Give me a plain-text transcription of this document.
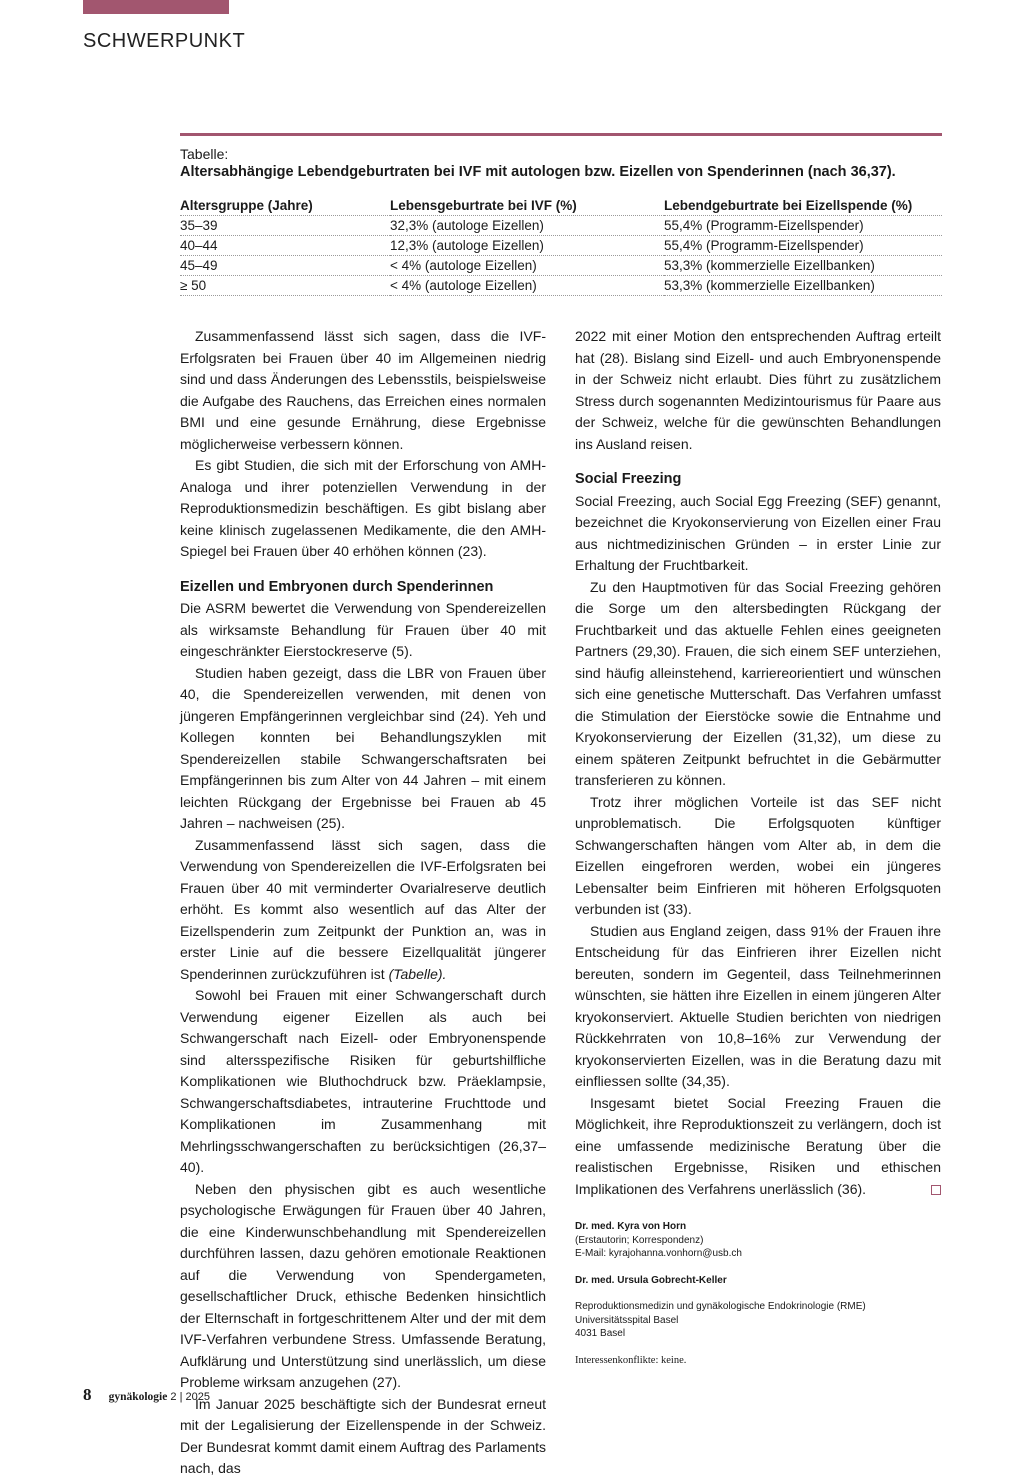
SCHWERPUNKT
Tabelle:
Altersabhängige Lebendgeburtraten bei IVF mit autologen bzw. Eizellen von Spenderinnen (nach 36,37).
Altersgruppe (Jahre)	Lebensgeburtrate bei IVF (%)	Lebendgeburtrate bei Eizellspende (%)
35–39	32,3% (autologe Eizellen)	55,4% (Programm-Eizellspender)
40–44	12,3% (autologe Eizellen)	55,4% (Programm-Eizellspender)
45–49	< 4% (autologe Eizellen)	53,3% (kommerzielle Eizellbanken)
≥ 50	< 4% (autologe Eizellen)	53,3% (kommerzielle Eizellbanken)

Zusammenfassend lässt sich sagen, dass die IVF-Erfolgsraten bei Frauen über 40 im Allgemeinen niedrig sind und dass Änderungen des Lebensstils, beispielsweise die Aufgabe des Rauchens, das Erreichen eines normalen BMI und eine gesunde Ernährung, diese Ergebnisse möglicherweise verbessern können.

Es gibt Studien, die sich mit der Erforschung von AMH-Analoga und ihrer potenziellen Verwendung in der Reproduktionsmedizin beschäftigen. Es gibt bislang aber keine klinisch zugelassenen Medikamente, die den AMH-Spiegel bei Frauen über 40 erhöhen können (23).

Eizellen und Embryonen durch Spenderinnen

Die ASRM bewertet die Verwendung von Spendereizellen als wirksamste Behandlung für Frauen über 40 mit eingeschränkter Eierstockreserve (5).

Studien haben gezeigt, dass die LBR von Frauen über 40, die Spendereizellen verwenden, mit denen von jüngeren Empfängerinnen vergleichbar sind (24). Yeh und Kollegen konnten bei Behandlungszyklen mit Spendereizellen stabile Schwangerschaftsraten bei Empfängerinnen bis zum Alter von 44 Jahren – mit einem leichten Rückgang der Ergebnisse bei Frauen ab 45 Jahren – nachweisen (25).

Zusammenfassend lässt sich sagen, dass die Verwendung von Spendereizellen die IVF-Erfolgsraten bei Frauen über 40 mit verminderter Ovarialreserve deutlich erhöht. Es kommt also wesentlich auf das Alter der Eizellspenderin zum Zeitpunkt der Punktion an, was in erster Linie auf die bessere Eizellqualität jüngerer Spenderinnen zurückzuführen ist (Tabelle).

Sowohl bei Frauen mit einer Schwangerschaft durch Verwendung eigener Eizellen als auch bei Schwangerschaft nach Eizell- oder Embryonenspende sind altersspezifische Risiken für geburtshilfliche Komplikationen wie Bluthochdruck bzw. Präeklampsie, Schwangerschaftsdiabetes, intrauterine Fruchttode und Komplikationen im Zusammenhang mit Mehrlingsschwangerschaften zu berücksichtigen (26,37–40).

Neben den physischen gibt es auch wesentliche psychologische Erwägungen für Frauen über 40 Jahren, die eine Kinderwunschbehandlung mit Spendereizellen durchführen lassen, dazu gehören emotionale Reaktionen auf die Verwendung von Spendergameten, gesellschaftlicher Druck, ethische Bedenken hinsichtlich der Elternschaft in fortgeschrittenem Alter und der mit dem IVF-Verfahren verbundene Stress. Umfassende Beratung, Aufklärung und Unterstützung sind unerlässlich, um diese Probleme wirksam anzugehen (27).

Im Januar 2025 beschäftigte sich der Bundesrat erneut mit der Legalisierung der Eizellenspende in der Schweiz. Der Bundesrat kommt damit einem Auftrag des Parlaments nach, das

2022 mit einer Motion den entsprechenden Auftrag erteilt hat (28). Bislang sind Eizell- und auch Embryonenspende in der Schweiz nicht erlaubt. Dies führt zu zusätzlichem Stress durch sogenannten Medizintourismus für Paare aus der Schweiz, welche für die gewünschten Behandlungen ins Ausland reisen.

Social Freezing

Social Freezing, auch Social Egg Freezing (SEF) genannt, bezeichnet die Kryokonservierung von Eizellen einer Frau aus nichtmedizinischen Gründen – in erster Linie zur Erhaltung der Fruchtbarkeit.

Zu den Hauptmotiven für das Social Freezing gehören die Sorge um den altersbedingten Rückgang der Fruchtbarkeit und das aktuelle Fehlen eines geeigneten Partners (29,30). Frauen, die sich einem SEF unterziehen, sind häufig alleinstehend, karriereorientiert und wünschen sich eine genetische Mutterschaft. Das Verfahren umfasst die Stimulation der Eierstöcke sowie die Entnahme und Kryokonservierung der Eizellen (31,32), um diese zu einem späteren Zeitpunkt befruchtet in die Gebärmutter transferieren zu können.

Trotz ihrer möglichen Vorteile ist das SEF nicht unproblematisch. Die Erfolgsquoten künftiger Schwangerschaften hängen vom Alter ab, in dem die Eizellen eingefroren werden, wobei ein jüngeres Lebensalter beim Einfrieren mit höheren Erfolgsquoten verbunden ist (33).

Studien aus England zeigen, dass 91% der Frauen ihre Entscheidung für das Einfrieren ihrer Eizellen nicht bereuten, sondern im Gegenteil, dass Teilnehmerinnen wünschten, sie hätten ihre Eizellen in einem jüngeren Alter kryokonserviert. Aktuelle Studien berichten von niedrigen Rückkehrraten von 10,8–16% zur Verwendung der kryokonservierten Eizellen, was in die Beratung dazu mit einfliessen sollte (34,35).

Insgesamt bietet Social Freezing Frauen die Möglichkeit, ihre Reproduktionszeit zu verlängern, doch ist eine umfassende medizinische Beratung über die realistischen Ergebnisse, Risiken und ethischen Implikationen des Verfahrens unerlässlich (36).

Dr. med. Kyra von Horn
(Erstautorin; Korrespondenz)
E-Mail: kyrajohanna.vonhorn@usb.ch
Dr. med. Ursula Gobrecht-Keller
Reproduktionsmedizin und gynäkologische Endokrinologie (RME)
Universitätsspital Basel
4031 Basel
Interessenkonflikte: keine.
8 gynäkologie 2 | 2025
